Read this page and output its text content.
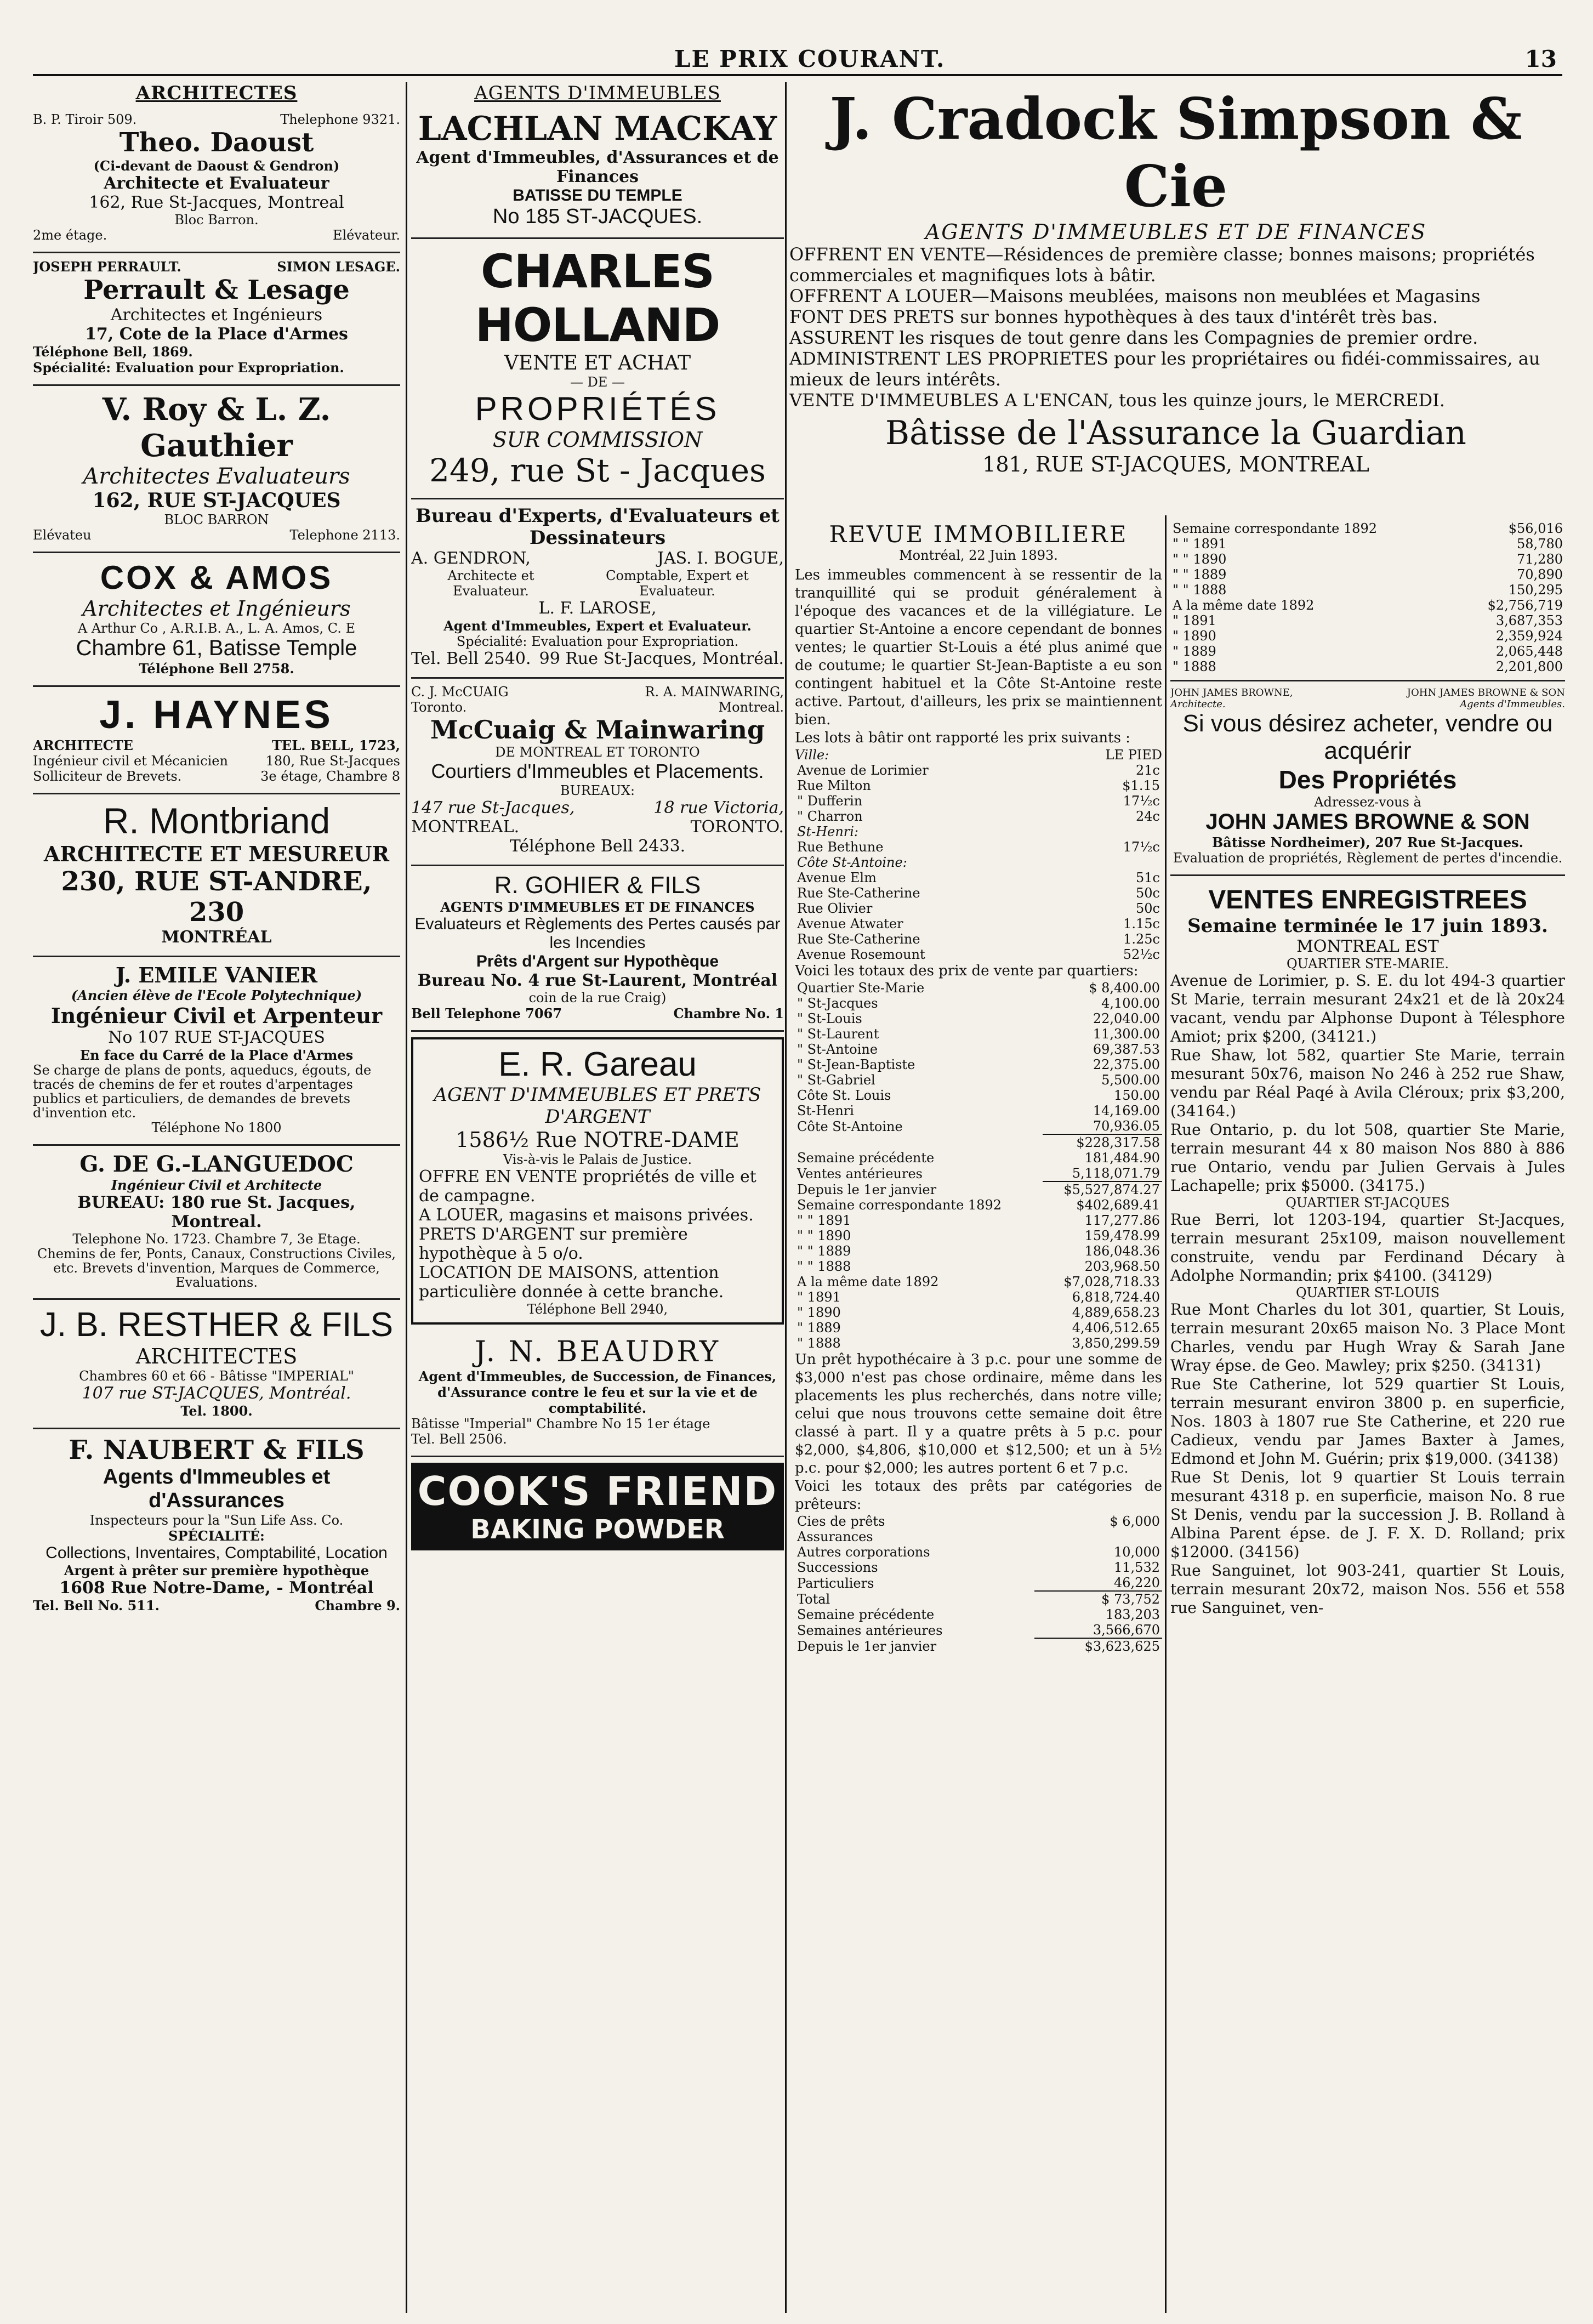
LE PRIX COURANT.	13
ARCHITECTES
B. P. Tiroir 509.	Thelephone 9321.
Theo. Daoust
(Ci-devant de Daoust & Gendron)
Architecte et Evaluateur
162, Rue St-Jacques, Montreal
Bloc Barron.
2me étage.	Elévateur.
JOSEPH PERRAULT.	SIMON LESAGE.
Perrault & Lesage
Architectes et Ingénieurs
17, Cote de la Place d'Armes
Téléphone Bell, 1869.
Spécialité: Evaluation pour Expropriation.
V. Roy & L. Z. Gauthier
Architectes Evaluateurs
162, RUE ST-JACQUES
BLOC BARRON
Elévateu	Telephone 2113.
COX & AMOS
Architectes et Ingénieurs
A Arthur Co , A.R.I.B. A., L. A. Amos, C. E
Chambre 61, Batisse Temple
Téléphone Bell 2758.
J. HAYNES
ARCHITECTE	TEL. BELL, 1723,
Ingénieur civil et Mécanicien	180, Rue St-Jacques
Solliciteur de Brevets.	3e étage, Chambre 8
R. Montbriand
ARCHITECTE ET MESUREUR
230, RUE ST-ANDRE, 230
MONTRÉAL
J. EMILE VANIER
(Ancien élève de l'Ecole Polytechnique)
Ingénieur Civil et Arpenteur
No 107 RUE ST-JACQUES
En face du Carré de la Place d'Armes
Se charge de plans de ponts, aqueducs, égouts, de tracés de chemins de fer et routes d'arpentages publics et particuliers, de demandes de brevets d'invention etc.
Téléphone No 1800
G. DE G.-LANGUEDOC
Ingénieur Civil et Architecte
BUREAU: 180 rue St. Jacques, Montreal.
Telephone No. 1723. Chambre 7, 3e Etage.
Chemins de fer, Ponts, Canaux, Constructions Civiles, etc. Brevets d'invention, Marques de Commerce, Evaluations.
J. B. RESTHER & FILS
ARCHITECTES
Chambres 60 et 66 - Bâtisse "IMPERIAL"
107 rue ST-JACQUES, Montréal.
Tel. 1800.
F. NAUBERT & FILS
Agents d'Immeubles et d'Assurances
Inspecteurs pour la "Sun Life Ass. Co.
SPÉCIALITÉ:
Collections, Inventaires, Comptabilité, Location
Argent à prêter sur première hypothèque
1608 Rue Notre-Dame, - Montréal
Tel. Bell No. 511.	Chambre 9.
AGENTS D'IMMEUBLES
LACHLAN MACKAY
Agent d'Immeubles, d'Assurances et de Finances
BATISSE DU TEMPLE
No 185 ST-JACQUES.
CHARLES HOLLAND
VENTE ET ACHAT
— DE —
PROPRIÉTÉS
SUR COMMISSION
249, rue St - Jacques
Bureau d'Experts, d'Evaluateurs et Dessinateurs
A. GENDRON,	JAS. I. BOGUE,
Architecte et Evaluateur.
Comptable, Expert et Evaluateur.
L. F. LAROSE,
Agent d'Immeubles, Expert et Evaluateur.
Spécialité: Evaluation pour Expropriation.
Tel. Bell 2540. 99 Rue St-Jacques, Montréal.
C. J. McCUAIG	R. A. MAINWARING,
Toronto.	Montreal.
McCuaig & Mainwaring
DE MONTREAL ET TORONTO
Courtiers d'Immeubles et Placements.
BUREAUX:
147 rue St-Jacques,	18 rue Victoria,
MONTREAL.	TORONTO.
Téléphone Bell 2433.
R. GOHIER & FILS
AGENTS D'IMMEUBLES ET DE FINANCES
Evaluateurs et Règlements des Pertes causés par les Incendies
Prêts d'Argent sur Hypothèque
Bureau No. 4 rue St-Laurent, Montréal
coin de la rue Craig)
Bell Telephone 7067	Chambre No. 1
E. R. Gareau
AGENT D'IMMEUBLES ET PRETS D'ARGENT
1586½ Rue NOTRE-DAME
Vis-à-vis le Palais de Justice.
OFFRE EN VENTE propriétés de ville et de campagne.
A LOUER, magasins et maisons privées.
PRETS D'ARGENT sur première hypothèque à 5 o/o.
LOCATION DE MAISONS, attention particulière donnée à cette branche.
Téléphone Bell 2940,
J. N. BEAUDRY
Agent d'Immeubles, de Succession, de Finances, d'Assurance contre le feu et sur la vie et de comptabilité.
Bâtisse "Imperial" Chambre No 15 1er étage
Tel. Bell 2506.
COOK'S FRIEND
BAKING POWDER
J. Cradock Simpson & Cie
AGENTS D'IMMEUBLES ET DE FINANCES
OFFRENT EN VENTE—Résidences de première classe; bonnes maisons; propriétés commerciales et magnifiques lots à bâtir.
OFFRENT A LOUER—Maisons meublées, maisons non meublées et Magasins
FONT DES PRETS sur bonnes hypothèques à des taux d'intérêt très bas.
ASSURENT les risques de tout genre dans les Compagnies de premier ordre.
ADMINISTRENT LES PROPRIETES pour les propriétaires ou fidéi-commissaires, au mieux de leurs intérêts.
VENTE D'IMMEUBLES A L'ENCAN, tous les quinze jours, le MERCREDI.
Bâtisse de l'Assurance la Guardian
181, RUE ST-JACQUES, MONTREAL
REVUE IMMOBILIERE
Montréal, 22 Juin 1893.
Les immeubles commencent à se ressentir de la tranquillité qui se produit généralement à l'époque des vacances et de la villégiature. Le quartier St-Antoine a encore cependant de bonnes ventes; le quartier St-Louis a été plus animé que de coutume; le quartier St-Jean-Baptiste a eu son contingent habituel et la Côte St-Antoine reste active. Partout, d'ailleurs, les prix se maintiennent bien.
Les lots à bâtir ont rapporté les prix suivants :
Ville:	LE PIED
Avenue de Lorimier	21c
Rue Milton	$1.15
" Dufferin	17½c
" Charron	24c
St-Henri:	
Rue Bethune	17½c
Côte St-Antoine:	
Avenue Elm	51c
Rue Ste-Catherine	50c
Rue Olivier	50c
Avenue Atwater	1.15c
Rue Ste-Catherine	1.25c
Avenue Rosemount	52½c
Voici les totaux des prix de vente par quartiers:
Quartier Ste-Marie	$ 8,400.00
" St-Jacques	4,100.00
" St-Louis	22,040.00
" St-Laurent	11,300.00
" St-Antoine	69,387.53
" St-Jean-Baptiste	22,375.00
" St-Gabriel	5,500.00
Côte St. Louis	150.00
St-Henri	14,169.00
Côte St-Antoine	70,936.05
	$228,317.58
Semaine précédente	181,484.90
Ventes antérieures	5,118,071.79
Depuis le 1er janvier	$5,527,874.27
Semaine correspondante 1892	$402,689.41
" " 1891	117,277.86
" " 1890	159,478.99
" " 1889	186,048.36
" " 1888	203,968.50
A la même date 1892	$7,028,718.33
" 1891	6,818,724.40
" 1890	4,889,658.23
" 1889	4,406,512.65
" 1888	3,850,299.59
Un prêt hypothécaire à 3 p.c. pour une somme de $3,000 n'est pas chose ordinaire, même dans les placements les plus recherchés, dans notre ville; celui que nous trouvons cette semaine doit être classé à part. Il y a quatre prêts à 5 p.c. pour $2,000, $4,806, $10,000 et $12,500; et un à 5½ p.c. pour $2,000; les autres portent 6 et 7 p.c.
Voici les totaux des prêts par catégories de prêteurs:
Cies de prêts	$ 6,000
Assurances	
Autres corporations	10,000
Successions	11,532
Particuliers	46,220
Total	$ 73,752
Semaine précédente	183,203
Semaines antérieures	3,566,670
Depuis le 1er janvier	$3,623,625
Semaine correspondante 1892	$56,016
" " 1891	58,780
" " 1890	71,280
" " 1889	70,890
" " 1888	150,295
A la même date 1892	$2,756,719
" 1891	3,687,353
" 1890	2,359,924
" 1889	2,065,448
" 1888	2,201,800
JOHN JAMES BROWNE,	JOHN JAMES BROWNE & SON
Architecte.	Agents d'Immeubles.
Si vous désirez acheter, vendre ou acquérir
Des Propriétés
Adressez-vous à
JOHN JAMES BROWNE & SON
Bâtisse Nordheimer), 207 Rue St-Jacques.
Evaluation de propriétés, Règlement de pertes d'incendie.
VENTES ENREGISTREES
Semaine terminée le 17 juin 1893.
MONTREAL EST
QUARTIER STE-MARIE.
Avenue de Lorimier, p. S. E. du lot 494-3 quartier St Marie, terrain mesurant 24x21 et de là 20x24 vacant, vendu par Alphonse Dupont à Télesphore Amiot; prix $200, (34121.)
Rue Shaw, lot 582, quartier Ste Marie, terrain mesurant 50x76, maison No 246 à 252 rue Shaw, vendu par Réal Paqé à Avila Cléroux; prix $3,200, (34164.)
Rue Ontario, p. du lot 508, quartier Ste Marie, terrain mesurant 44 x 80 maison Nos 880 à 886 rue Ontario, vendu par Julien Gervais à Jules Lachapelle; prix $5000. (34175.)
QUARTIER ST-JACQUES
Rue Berri, lot 1203-194, quartier St-Jacques, terrain mesurant 25x109, maison nouvellement construite, vendu par Ferdinand Décary à Adolphe Normandin; prix $4100. (34129)
QUARTIER ST-LOUIS
Rue Mont Charles du lot 301, quartier, St Louis, terrain mesurant 20x65 maison No. 3 Place Mont Charles, vendu par Hugh Wray & Sarah Jane Wray épse. de Geo. Mawley; prix $250. (34131)
Rue Ste Catherine, lot 529 quartier St Louis, terrain mesurant environ 3800 p. en superficie, Nos. 1803 à 1807 rue Ste Catherine, et 220 rue Cadieux, vendu par James Baxter à James, Edmond et John M. Guérin; prix $19,000. (34138)
Rue St Denis, lot 9 quartier St Louis terrain mesurant 4318 p. en superficie, maison No. 8 rue St Denis, vendu par la succession J. B. Rolland à Albina Parent épse. de J. F. X. D. Rolland; prix $12000. (34156)
Rue Sanguinet, lot 903-241, quartier St Louis, terrain mesurant 20x72, maison Nos. 556 et 558 rue Sanguinet, ven-
